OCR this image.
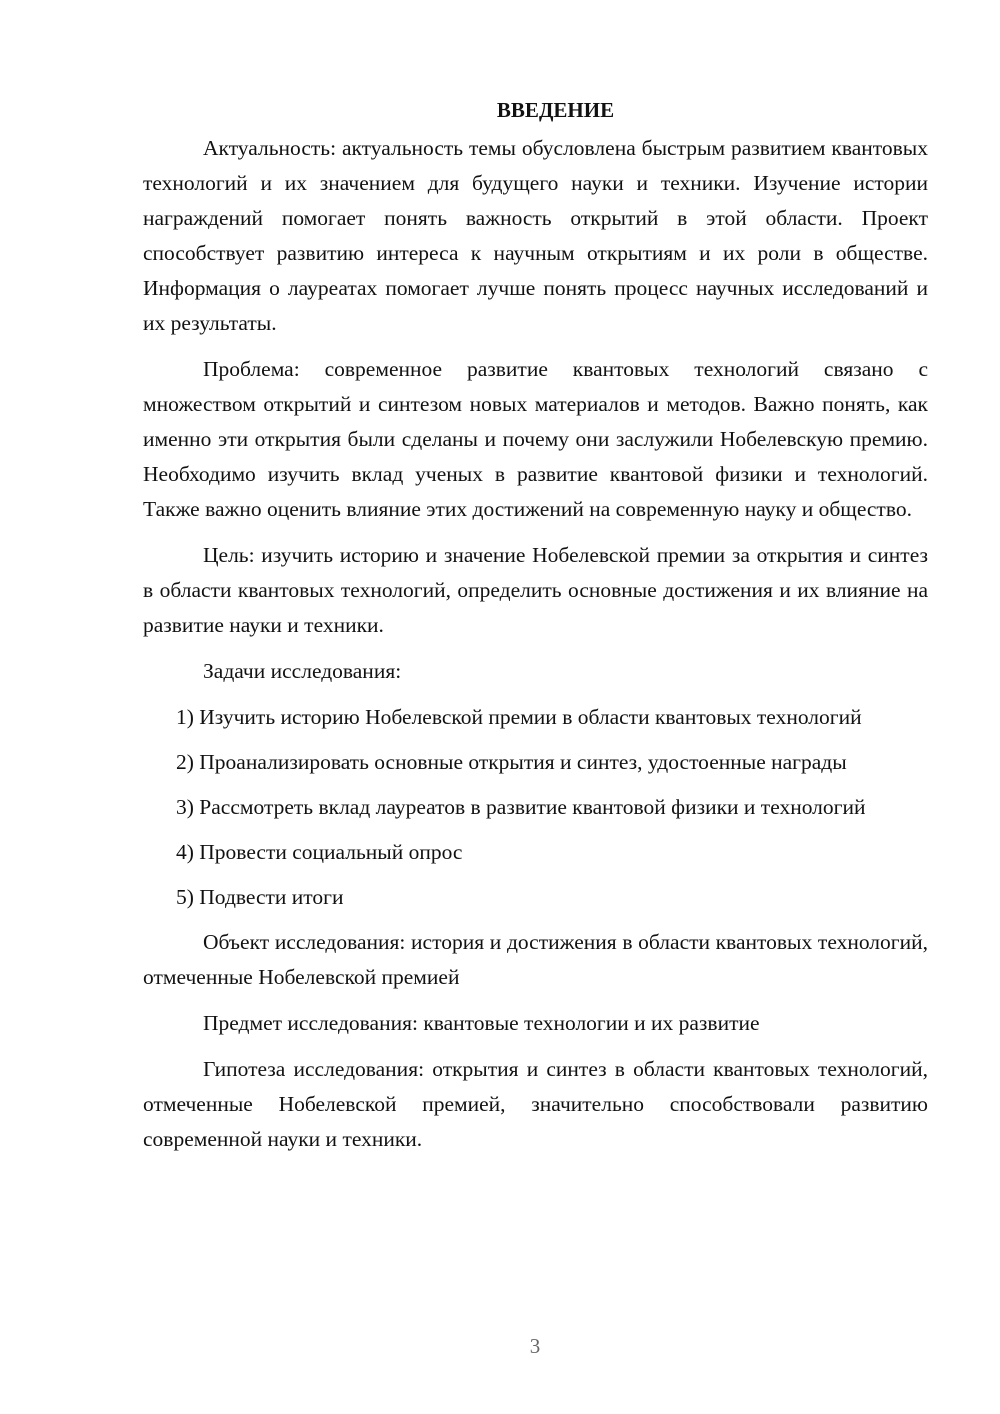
ВВЕДЕНИЕ

Актуальность: актуальность темы обусловлена быстрым развитием квантовых технологий и их значением для будущего науки и техники. Изучение истории награждений помогает понять важность открытий в этой области. Проект способствует развитию интереса к научным открытиям и их роли в обществе. Информация о лауреатах помогает лучше понять процесс научных исследований и их результаты.

Проблема: современное развитие квантовых технологий связано с множеством открытий и синтезом новых материалов и методов. Важно понять, как именно эти открытия были сделаны и почему они заслужили Нобелевскую премию. Необходимо изучить вклад ученых в развитие квантовой физики и технологий. Также важно оценить влияние этих достижений на современную науку и общество.

Цель: изучить историю и значение Нобелевской премии за открытия и синтез в области квантовых технологий, определить основные достижения и их влияние на развитие науки и техники.

Задачи исследования:

1) Изучить историю Нобелевской премии в области квантовых технологий

2) Проанализировать основные открытия и синтез, удостоенные награды

3) Рассмотреть вклад лауреатов в развитие квантовой физики и технологий

4) Провести социальный опрос

5) Подвести итоги

Объект исследования: история и достижения в области квантовых технологий, отмеченные Нобелевской премией

Предмет исследования: квантовые технологии и их развитие

Гипотеза исследования: открытия и синтез в области квантовых технологий, отмеченные Нобелевской премией, значительно способствовали развитию современной науки и техники.

3
